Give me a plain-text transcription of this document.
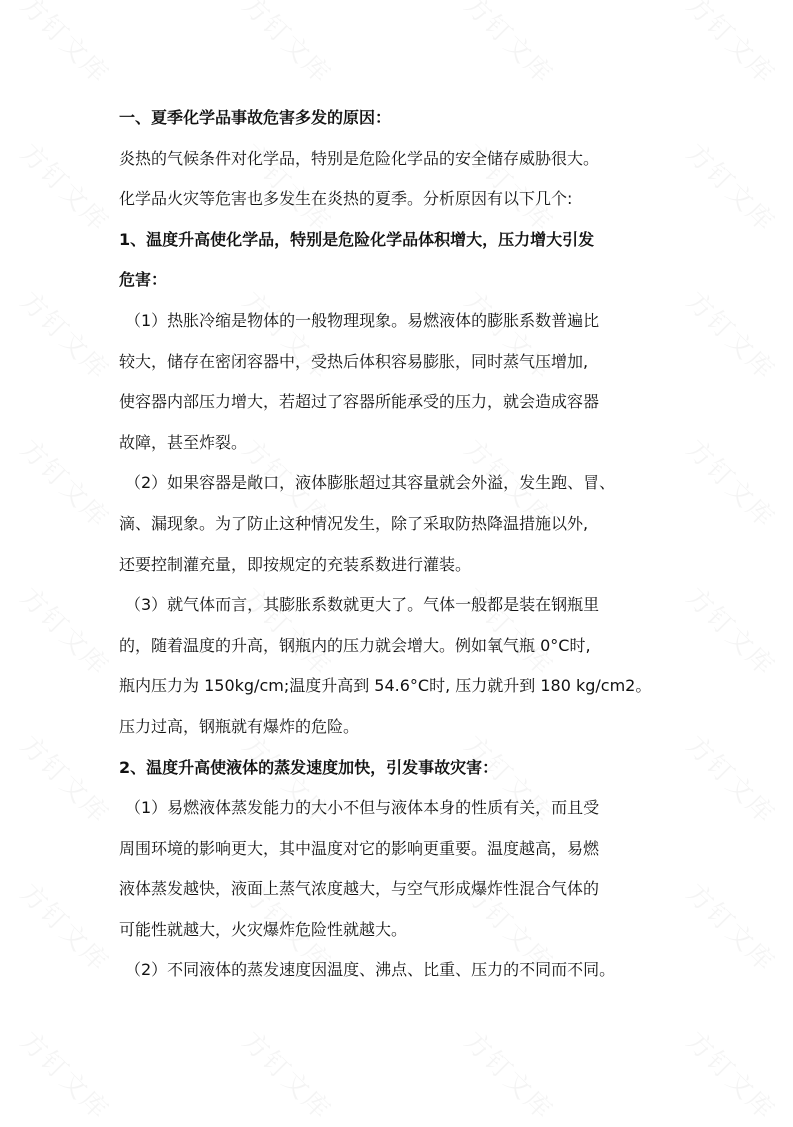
一、夏季化学品事故危害多发的原因：
炎热的气候条件对化学品，特别是危险化学品的安全储存威胁很大。
化学品火灾等危害也多发生在炎热的夏季。分析原因有以下几个:
1、温度升高使化学品，特别是危险化学品体积增大，压力增大引发
危害：
（1）热胀冷缩是物体的一般物理现象。易燃液体的膨胀系数普遍比
较大，储存在密闭容器中，受热后体积容易膨胀，同时蒸气压增加,
使容器内部压力增大，若超过了容器所能承受的压力，就会造成容器
故障，甚至炸裂。
（2）如果容器是敞口，液体膨胀超过其容量就会外溢，发生跑、冒、
滴、漏现象。为了防止这种情况发生，除了采取防热降温措施以外,
还要控制灌充量，即按规定的充装系数进行灌装。
（3）就气体而言，其膨胀系数就更大了。气体一般都是装在钢瓶里
的，随着温度的升高，钢瓶内的压力就会增大。例如氧气瓶 0°C时,
瓶内压力为 150kg/cm;温度升高到 54.6°C时, 压力就升到 180 kg/cm2。
压力过高，钢瓶就有爆炸的危险。
2、温度升高使液体的蒸发速度加快，引发事故灾害：
（1）易燃液体蒸发能力的大小不但与液体本身的性质有关，而且受
周围环境的影响更大，其中温度对它的影响更重要。温度越高，易燃
液体蒸发越快，液面上蒸气浓度越大，与空气形成爆炸性混合气体的
可能性就越大，火灾爆炸危险性就越大。
（2）不同液体的蒸发速度因温度、沸点、比重、压力的不同而不同。
